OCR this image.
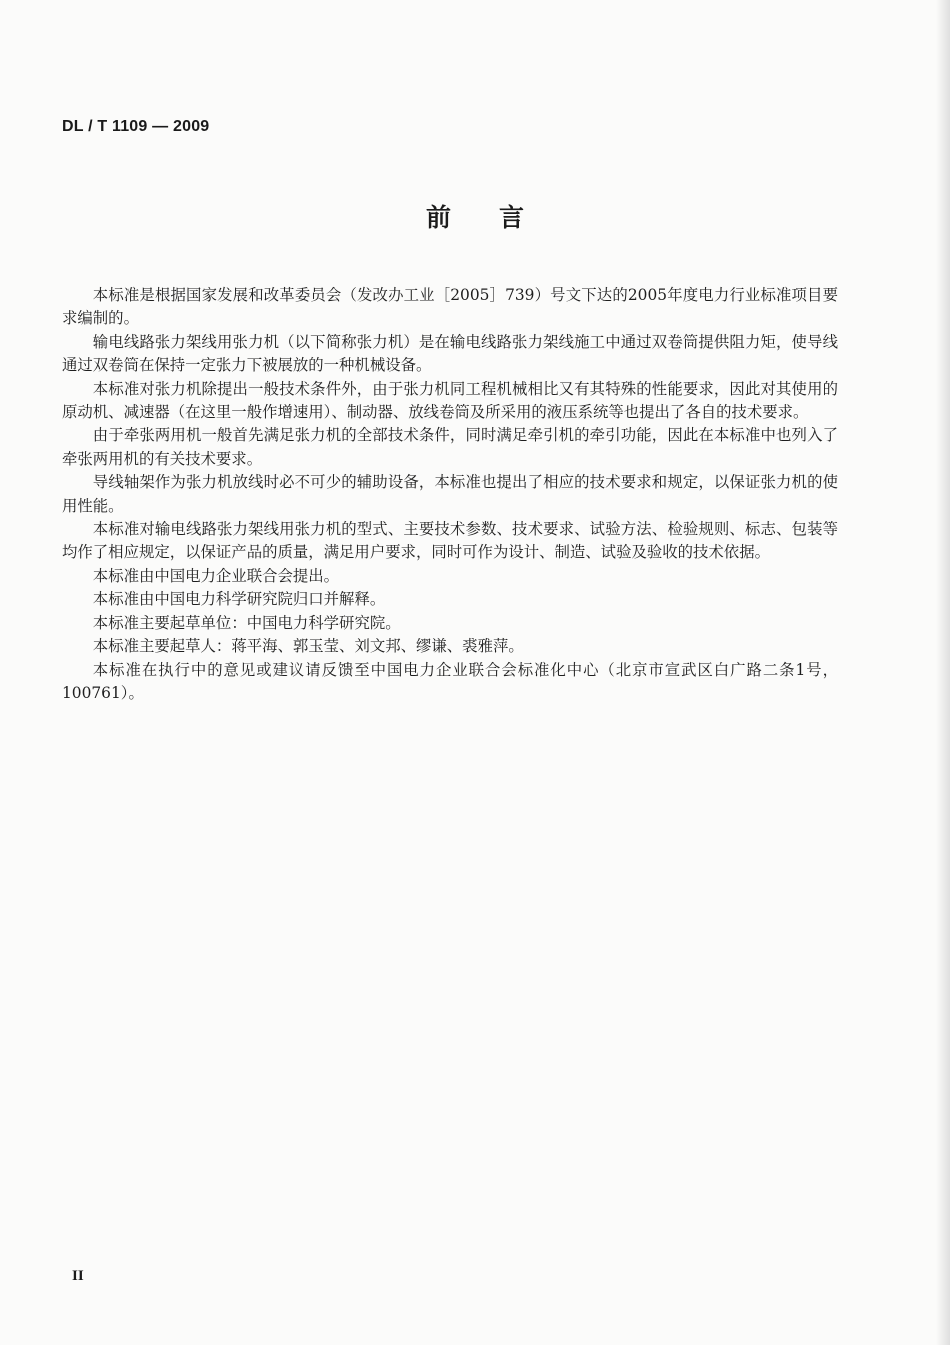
DL / T 1109 — 2009
前言

本标准是根据国家发展和改革委员会（发改办工业［2005］739）号文下达的2005年度电力行业标准项目要求编制的。

输电线路张力架线用张力机（以下简称张力机）是在输电线路张力架线施工中通过双卷筒提供阻力矩，使导线通过双卷筒在保持一定张力下被展放的一种机械设备。

本标准对张力机除提出一般技术条件外，由于张力机同工程机械相比又有其特殊的性能要求，因此对其使用的原动机、减速器（在这里一般作增速用）、制动器、放线卷筒及所采用的液压系统等也提出了各自的技术要求。

由于牵张两用机一般首先满足张力机的全部技术条件，同时满足牵引机的牵引功能，因此在本标准中也列入了牵张两用机的有关技术要求。

导线轴架作为张力机放线时必不可少的辅助设备，本标准也提出了相应的技术要求和规定，以保证张力机的使用性能。

本标准对输电线路张力架线用张力机的型式、主要技术参数、技术要求、试验方法、检验规则、标志、包装等均作了相应规定，以保证产品的质量，满足用户要求，同时可作为设计、制造、试验及验收的技术依据。

本标准由中国电力企业联合会提出。

本标准由中国电力科学研究院归口并解释。

本标准主要起草单位：中国电力科学研究院。

本标准主要起草人：蒋平海、郭玉莹、刘文邦、缪谦、裘雅萍。

本标准在执行中的意见或建议请反馈至中国电力企业联合会标准化中心（北京市宣武区白广路二条1号，100761）。

II
